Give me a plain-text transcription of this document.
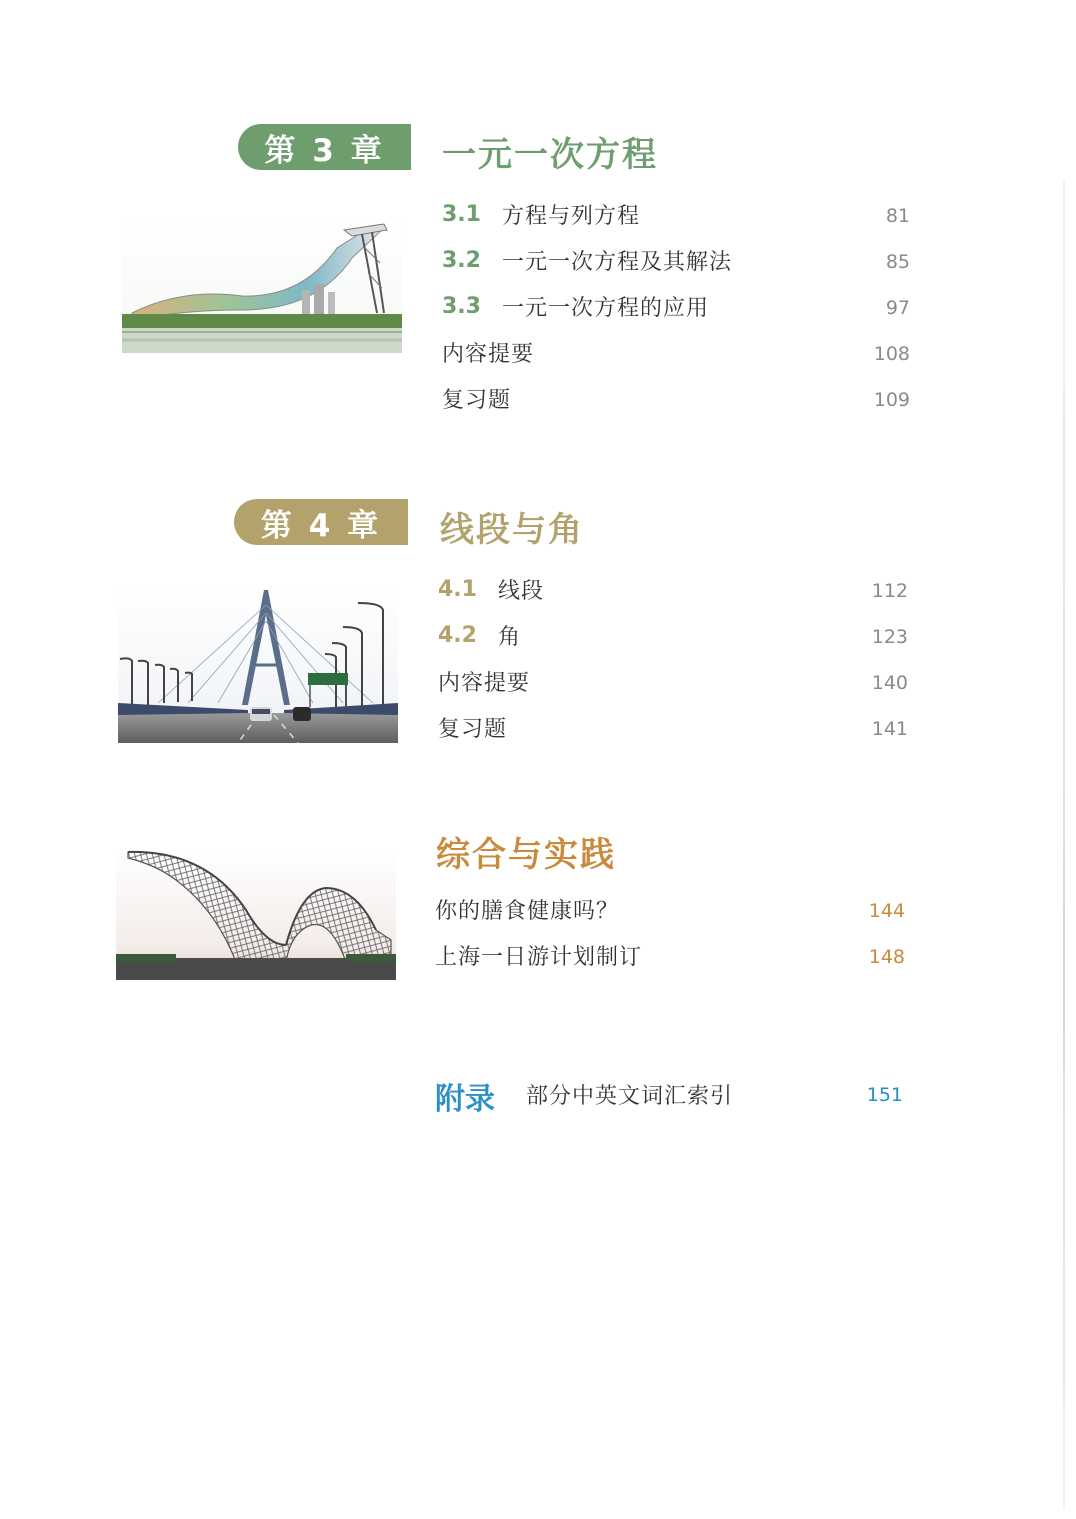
第 3 章 一元一次方程
3.1 方程与列方程	81
3.2 一元一次方程及其解法	85
3.3 一元一次方程的应用	97
内容提要	108
复习题	109
第 4 章 线段与角
4.1 线段	112
4.2 角	123
内容提要	140
复习题	141
综合与实践
你的膳食健康吗？	144
上海一日游计划制订	148
附录 部分中英文词汇索引	151
